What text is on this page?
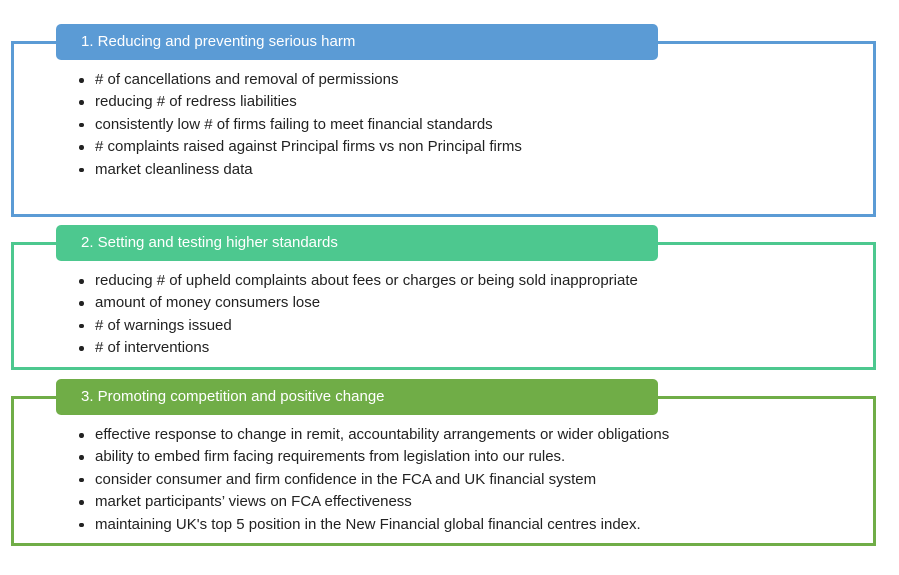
1. Reducing and preventing serious harm
# of cancellations and removal of permissions
reducing # of redress liabilities
consistently low # of firms failing to meet financial standards
# complaints raised against Principal firms vs non Principal firms
market cleanliness data
2. Setting and testing higher standards
reducing # of upheld complaints about fees or charges or being sold inappropriate
amount of money consumers lose
# of warnings issued
# of interventions
3. Promoting competition and positive change
effective response to change in remit, accountability arrangements or wider obligations
ability to embed firm facing requirements from legislation into our rules.
consider consumer and firm confidence in the FCA and UK financial system
market participants’ views on FCA effectiveness
maintaining UK's top 5 position in the New Financial global financial centres index.
